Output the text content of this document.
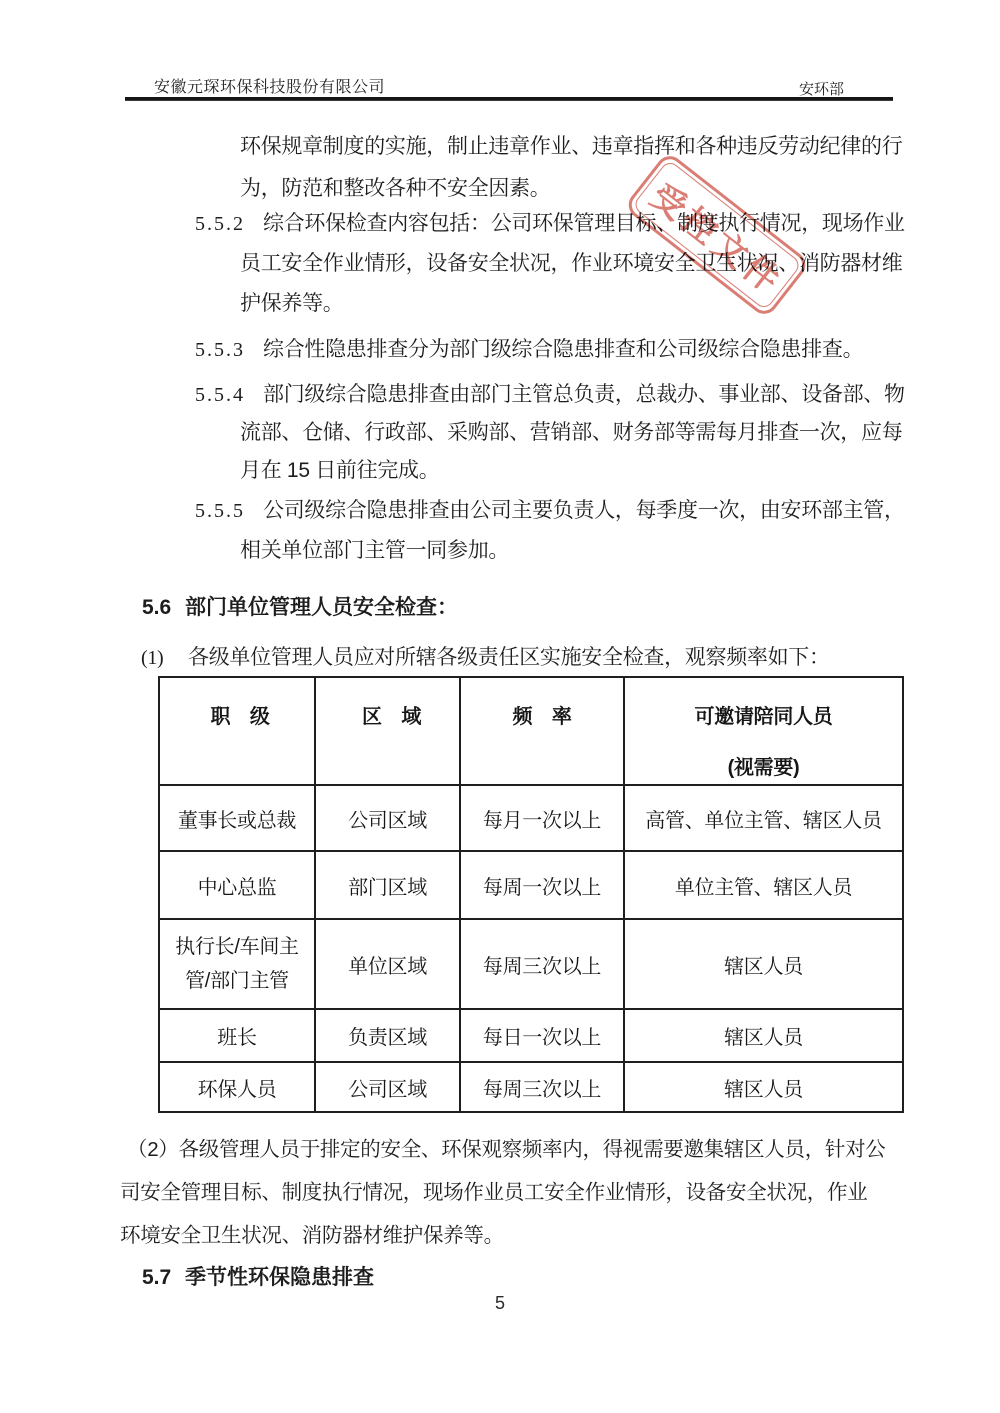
安徽元琛环保科技股份有限公司	安环部
受控文件
环保规章制度的实施，制止违章作业、违章指挥和各种违反劳动纪律的行
为，防范和整改各种不安全因素。
5.5.2 综合环保检查内容包括：公司环保管理目标、制度执行情况，现场作业
员工安全作业情形，设备安全状况，作业环境安全卫生状况、消防器材维
护保养等。
5.5.3 综合性隐患排查分为部门级综合隐患排查和公司级综合隐患排查。
5.5.4 部门级综合隐患排查由部门主管总负责，总裁办、事业部、设备部、物
流部、仓储、行政部、采购部、营销部、财务部等需每月排查一次，应每
月在 15 日前往完成。
5.5.5 公司级综合隐患排查由公司主要负责人，每季度一次，由安环部主管，
相关单位部门主管一同参加。
5.6 部门单位管理人员安全检查：
(1) 各级单位管理人员应对所辖各级责任区实施安全检查，观察频率如下：
职　级	区　域	频　率	可邀请陪同人员
(视需要)

董事长或总裁	公司区域	每月一次以上	高管、单位主管、辖区人员
中心总监	部门区域	每周一次以上	单位主管、辖区人员
执行长/车间主管/部门主管	单位区域	每周三次以上	辖区人员
班长	负责区域	每日一次以上	辖区人员
环保人员	公司区域	每周三次以上	辖区人员
（2）各级管理人员于排定的安全、环保观察频率内，得视需要邀集辖区人员，针对公
司安全管理目标、制度执行情况，现场作业员工安全作业情形，设备安全状况，作业
环境安全卫生状况、消防器材维护保养等。
5.7 季节性环保隐患排查
5
